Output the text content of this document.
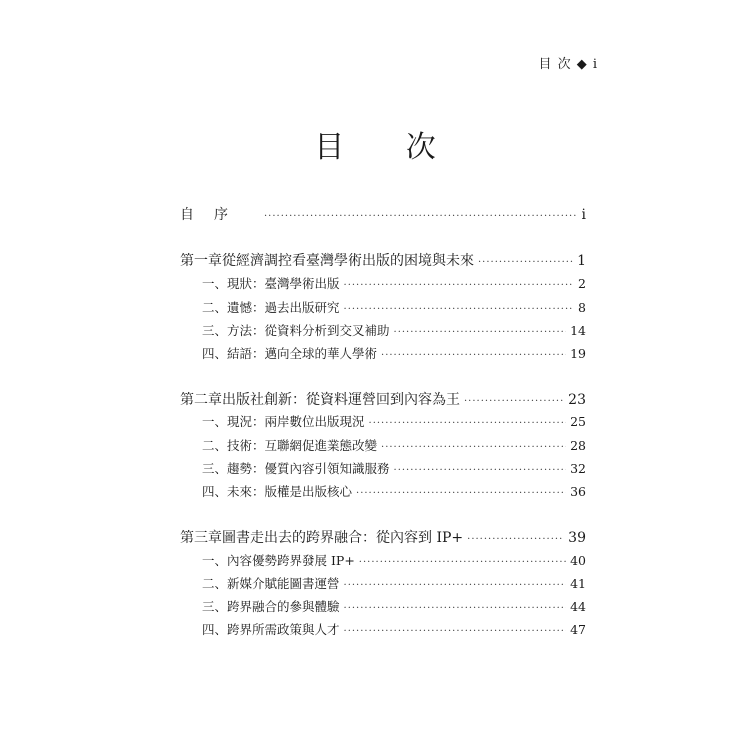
目 次 ◆ i
目 次
自序 ·····	i
第一章 從經濟調控看臺灣學術出版的困境與未來 ·····	1
一、現狀：臺灣學術出版 ·····	2
二、遺憾：過去出版研究 ·····	8
三、方法：從資料分析到交叉補助 ·····	14
四、結語：邁向全球的華人學術 ·····	19
第二章 出版社創新：從資料運營回到內容為王 ·····	23
一、現況：兩岸數位出版現況 ·····	25
二、技術：互聯網促進業態改變 ·····	28
三、趨勢：優質內容引領知識服務 ·····	32
四、未來：版權是出版核心 ·····	36
第三章 圖書走出去的跨界融合：從內容到 IP+ ·····	39
一、內容優勢跨界發展 IP+ ·····	40
二、新媒介賦能圖書運營 ·····	41
三、跨界融合的參與體驗 ·····	44
四、跨界所需政策與人才 ·····	47
